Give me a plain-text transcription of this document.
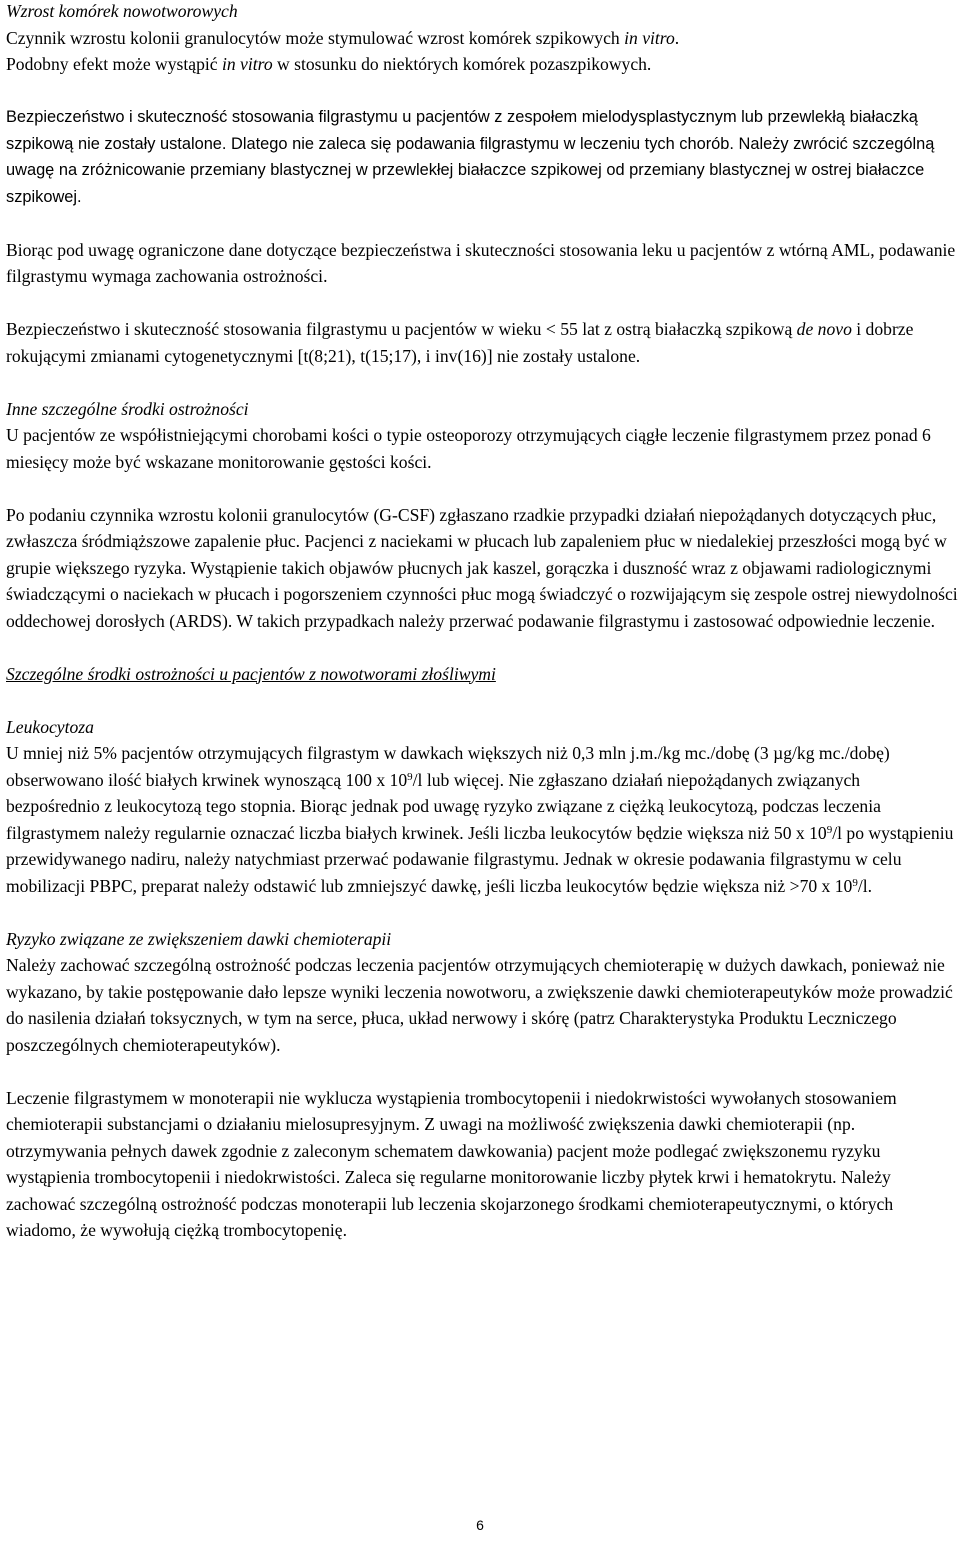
Wzrost komórek nowotworowych

Czynnik wzrostu kolonii granulocytów może stymulować wzrost komórek szpikowych in vitro.
Podobny efekt może wystąpić in vitro w stosunku do niektórych komórek pozaszpikowych.

Bezpieczeństwo i skuteczność stosowania filgrastymu u pacjentów z zespołem mielodysplastycznym lub przewlekłą białaczką szpikową nie zostały ustalone. Dlatego nie zaleca się podawania filgrastymu w leczeniu tych chorób. Należy zwrócić szczególną uwagę na zróżnicowanie przemiany blastycznej w przewlekłej białaczce szpikowej od przemiany blastycznej w ostrej białaczce szpikowej.

Biorąc pod uwagę ograniczone dane dotyczące bezpieczeństwa i skuteczności stosowania leku u pacjentów z wtórną AML, podawanie filgrastymu wymaga zachowania ostrożności.

Bezpieczeństwo i skuteczność stosowania filgrastymu u pacjentów w wieku < 55 lat z ostrą białaczką szpikową de novo i dobrze rokującymi zmianami cytogenetycznymi [t(8;21), t(15;17), i inv(16)] nie zostały ustalone.

Inne szczególne środki ostrożności

U pacjentów ze współistniejącymi chorobami kości o typie osteoporozy otrzymujących ciągłe leczenie filgrastymem przez ponad 6 miesięcy może być wskazane monitorowanie gęstości kości.

Po podaniu czynnika wzrostu kolonii granulocytów (G-CSF) zgłaszano rzadkie przypadki działań niepożądanych dotyczących płuc, zwłaszcza śródmiąższowe zapalenie płuc. Pacjenci z naciekami w płucach lub zapaleniem płuc w niedalekiej przeszłości mogą być w grupie większego ryzyka. Wystąpienie takich objawów płucnych jak kaszel, gorączka i duszność wraz z objawami radiologicznymi świadczącymi o naciekach w płucach i pogorszeniem czynności płuc mogą świadczyć o rozwijającym się zespole ostrej niewydolności oddechowej dorosłych (ARDS). W takich przypadkach należy przerwać podawanie filgrastymu i zastosować odpowiednie leczenie.

Szczególne środki ostrożności u pacjentów z nowotworami złośliwymi

Leukocytoza

U mniej niż 5% pacjentów otrzymujących filgrastym w dawkach większych niż 0,3 mln j.m./kg mc./dobę (3 µg/kg mc./dobę) obserwowano ilość białych krwinek wynoszącą 100 x $10^9/l$ lub więcej. Nie zgłaszano działań niepożądanych związanych bezpośrednio z leukocytozą tego stopnia. Biorąc jednak pod uwagę ryzyko związane z ciężką leukocytozą, podczas leczenia filgrastymem należy regularnie oznaczać liczba białych krwinek. Jeśli liczba leukocytów będzie większa niż 50 x $10^9/l$ po wystąpieniu przewidywanego nadiru, należy natychmiast przerwać podawanie filgrastymu. Jednak w okresie podawania filgrastymu w celu mobilizacji PBPC, preparat należy odstawić lub zmniejszyć dawkę, jeśli liczba leukocytów będzie większa niż >70 x $10^9/l$.

Ryzyko związane ze zwiększeniem dawki chemioterapii

Należy zachować szczególną ostrożność podczas leczenia pacjentów otrzymujących chemioterapię w dużych dawkach, ponieważ nie wykazano, by takie postępowanie dało lepsze wyniki leczenia nowotworu, a zwiększenie dawki chemioterapeutyków może prowadzić do nasilenia działań toksycznych, w tym na serce, płuca, układ nerwowy i skórę (patrz Charakterystyka Produktu Leczniczego poszczególnych chemioterapeutyków).

Leczenie filgrastymem w monoterapii nie wyklucza wystąpienia trombocytopenii i niedokrwistości wywołanych stosowaniem chemioterapii substancjami o działaniu mielosupresyjnym. Z uwagi na możliwość zwiększenia dawki chemioterapii (np. otrzymywania pełnych dawek zgodnie z zaleconym schematem dawkowania) pacjent może podlegać zwiększonemu ryzyku wystąpienia trombocytopenii i niedokrwistości. Zaleca się regularne monitorowanie liczby płytek krwi i hematokrytu. Należy zachować szczególną ostrożność podczas monoterapii lub leczenia skojarzonego środkami chemioterapeutycznymi, o których wiadomo, że wywołują ciężką trombocytopenię.

6
